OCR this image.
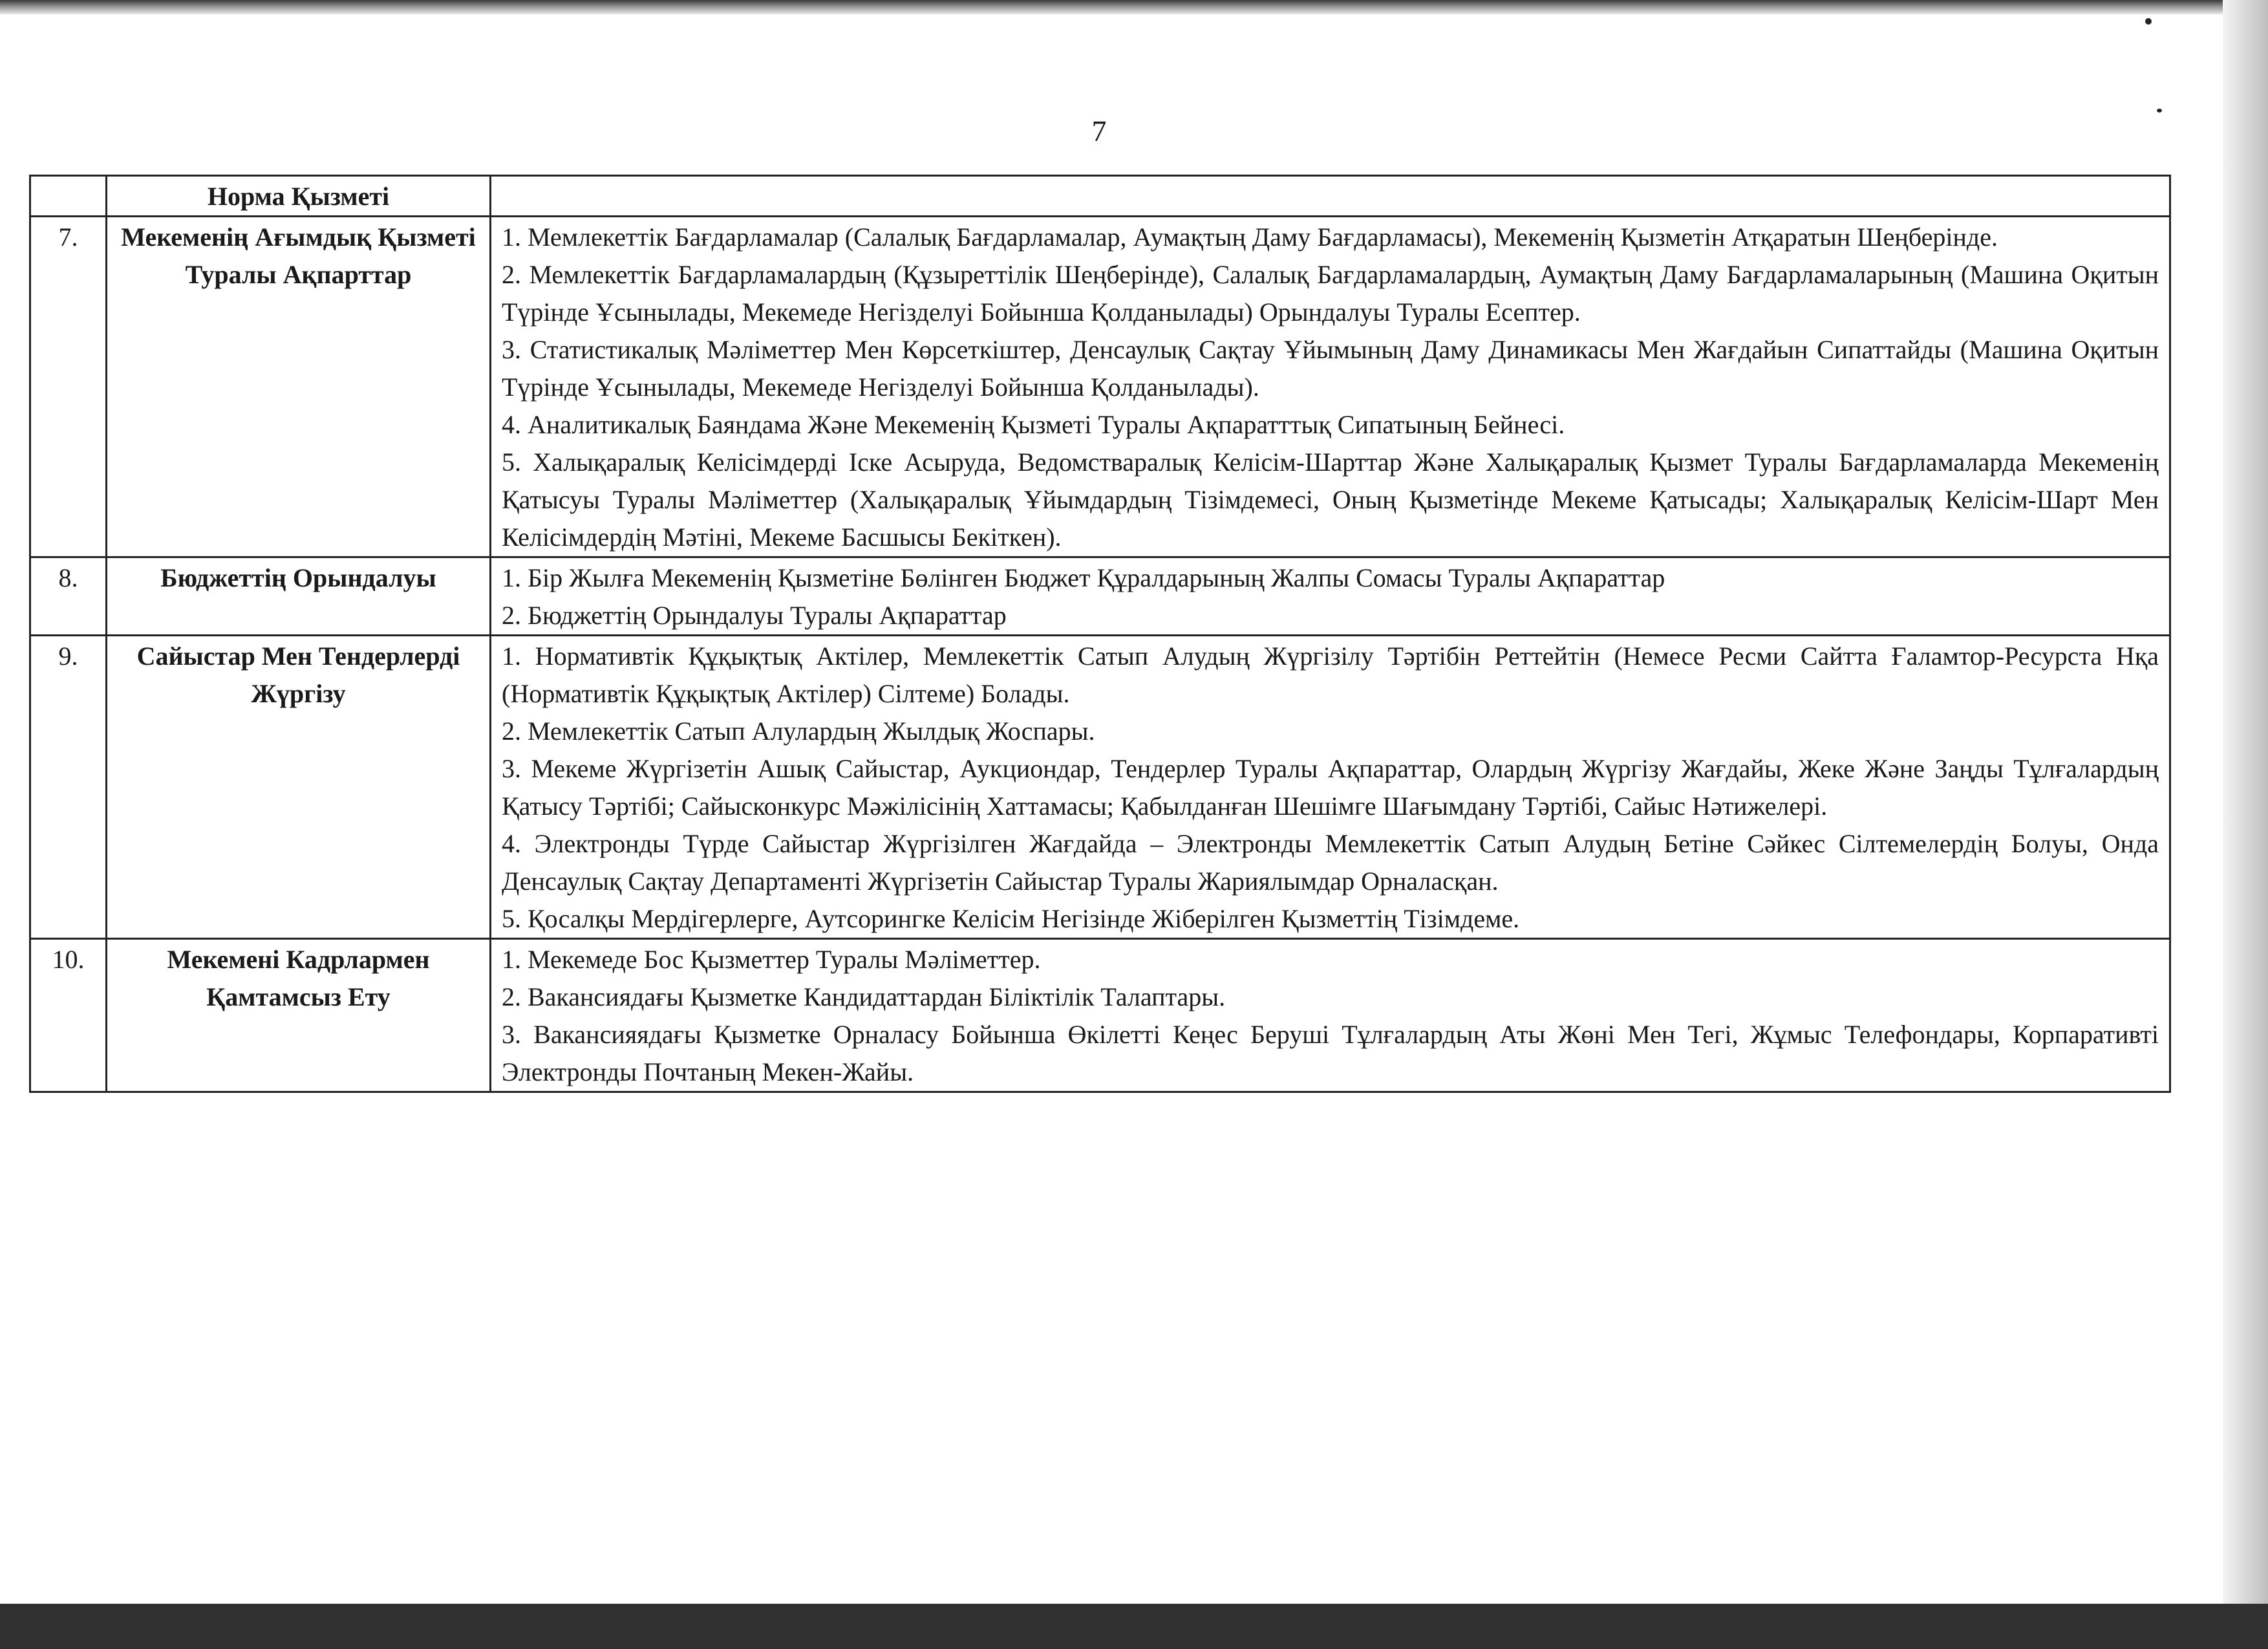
7
	Норма Қызметі	
7.	Мекеменің Ағымдық Қызметі Туралы Ақпарттар	1. Мемлекеттік Бағдарламалар (Салалық Бағдарламалар, Аумақтың Даму Бағдарламасы), Мекеменің Қызметін Атқаратын Шеңберінде.

2. Мемлекеттік Бағдарламалардың (Құзыреттілік Шеңберінде), Салалық Бағдарламалардың, Аумақтың Даму Бағдарламаларының (Машина Оқитын Түрінде Ұсынылады, Мекемеде Негізделуі Бойынша Қолданылады) Орындалуы Туралы Есептер.

3. Статистикалық Мәліметтер Мен Көрсеткіштер, Денсаулық Сақтау Ұйымының Даму Динамикасы Мен Жағдайын Сипаттайды (Машина Оқитын Түрінде Ұсынылады, Мекемеде Негізделуі Бойынша Қолданылады).

4. Аналитикалық Баяндама Және Мекеменің Қызметі Туралы Ақпаратттық Сипатының Бейнесі.

5. Халықаралық Келісімдерді Іске Асыруда, Ведомстваралық Келісім-Шарттар Және Халықаралық Қызмет Туралы Бағдарламаларда Мекеменің Қатысуы Туралы Мәліметтер (Халықаралық Ұйымдардың Тізімдемесі, Оның Қызметінде Мекеме Қатысады; Халықаралық Келісім-Шарт Мен Келісімдердің Мәтіні, Мекеме Басшысы Бекіткен).

8.	Бюджеттің Орындалуы	1. Бір Жылға Мекеменің Қызметіне Бөлінген Бюджет Құралдарының Жалпы Сомасы Туралы Ақпараттар

2. Бюджеттің Орындалуы Туралы Ақпараттар

9.	Сайыстар Мен Тендерлерді Жүргізу	1. Нормативтік Құқықтық Актілер, Мемлекеттік Сатып Алудың Жүргізілу Тәртібін Реттейтін (Немесе Ресми Сайтта Ғаламтор-Ресурста Нқа (Нормативтік Құқықтық Актілер) Сілтеме) Болады.

2. Мемлекеттік Сатып Алулардың Жылдық Жоспары.

3. Мекеме Жүргізетін Ашық Сайыстар, Аукциондар, Тендерлер Туралы Ақпараттар, Олардың Жүргізу Жағдайы, Жеке Және Заңды Тұлғалардың Қатысу Тәртібі; Сайысконкурс Мәжілісінің Хаттамасы; Қабылданған Шешімге Шағымдану Тәртібі, Сайыс Нәтижелері.

4. Электронды Түрде Сайыстар Жүргізілген Жағдайда – Электронды Мемлекеттік Сатып Алудың Бетіне Сәйкес Сілтемелердің Болуы, Онда Денсаулық Сақтау Департаменті Жүргізетін Сайыстар Туралы Жариялымдар Орналасқан.

5. Қосалқы Мердігерлерге, Аутсорингке Келісім Негізінде Жіберілген Қызметтің Тізімдеме.

10.	Мекемені Кадрлармен Қамтамсыз Ету	1. Мекемеде Бос Қызметтер Туралы Мәліметтер.

2. Вакансиядағы Қызметке Кандидаттардан Біліктілік Талаптары.

3. Вакансияядағы Қызметке Орналасу Бойынша Өкілетті Кеңес Беруші Тұлғалардың Аты Жөні Мен Тегі, Жұмыс Телефондары, Корпаративті Электронды Почтаның Мекен-Жайы.
